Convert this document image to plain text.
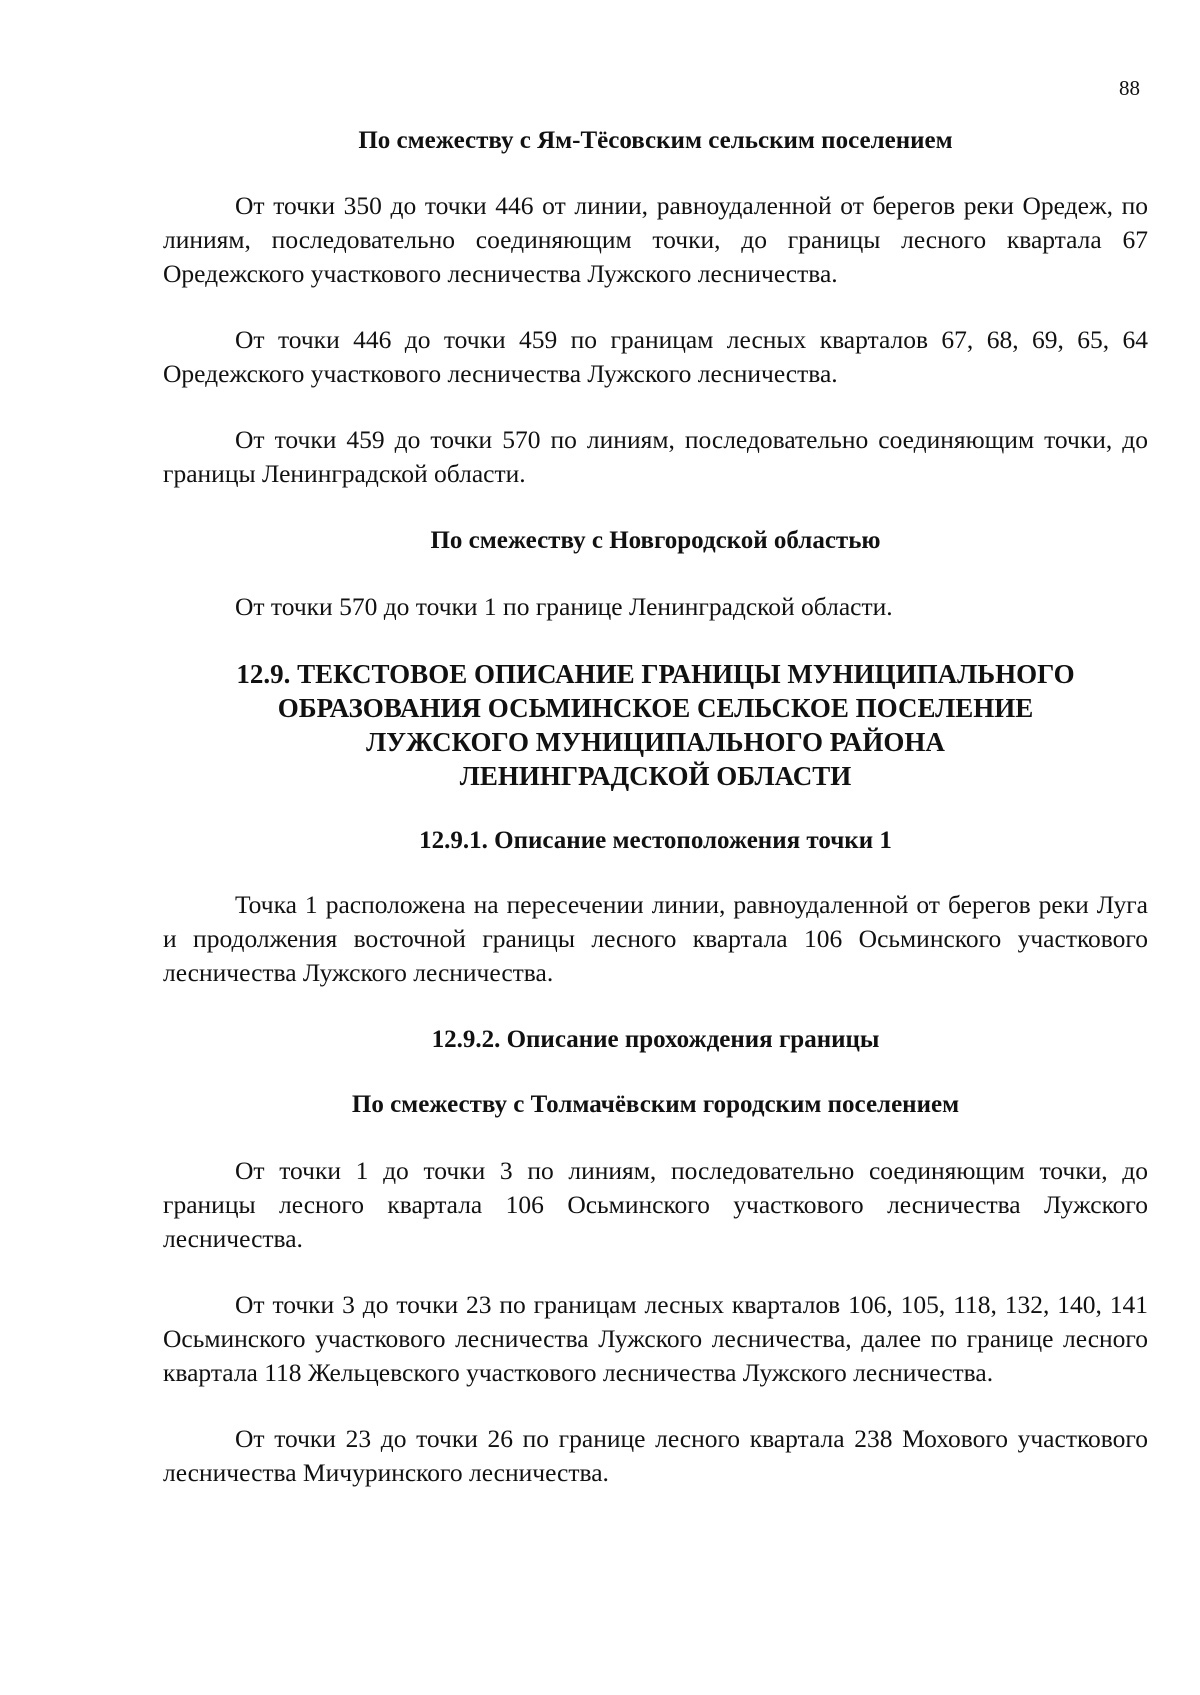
88

По смежеству с Ям-Тёсовским сельским поселением

От точки 350 до точки 446 от линии, равноудаленной от берегов реки Оредеж, по линиям, последовательно соединяющим точки, до границы лесного квартала 67 Оредежского участкового лесничества Лужского лесничества.

От точки 446 до точки 459 по границам лесных кварталов 67, 68, 69, 65, 64 Оредежского участкового лесничества Лужского лесничества.

От точки 459 до точки 570 по линиям, последовательно соединяющим точки, до границы Ленинградской области.

По смежеству с Новгородской областью

От точки 570 до точки 1 по границе Ленинградской области.

12.9. ТЕКСТОВОЕ ОПИСАНИЕ ГРАНИЦЫ МУНИЦИПАЛЬНОГО

ОБРАЗОВАНИЯ ОСЬМИНСКОЕ СЕЛЬСКОЕ ПОСЕЛЕНИЕ

ЛУЖСКОГО МУНИЦИПАЛЬНОГО РАЙОНА

ЛЕНИНГРАДСКОЙ ОБЛАСТИ

12.9.1. Описание местоположения точки 1

Точка 1 расположена на пересечении линии, равноудаленной от берегов реки Луга и продолжения восточной границы лесного квартала 106 Осьминского участкового лесничества Лужского лесничества.

12.9.2. Описание прохождения границы

По смежеству с Толмачёвским городским поселением

От точки 1 до точки 3 по линиям, последовательно соединяющим точки, до границы лесного квартала 106 Осьминского участкового лесничества Лужского лесничества.

От точки 3 до точки 23 по границам лесных кварталов 106, 105, 118, 132, 140, 141 Осьминского участкового лесничества Лужского лесничества, далее по границе лесного квартала 118 Жельцевского участкового лесничества Лужского лесничества.

От точки 23 до точки 26 по границе лесного квартала 238 Мохового участкового лесничества Мичуринского лесничества.
